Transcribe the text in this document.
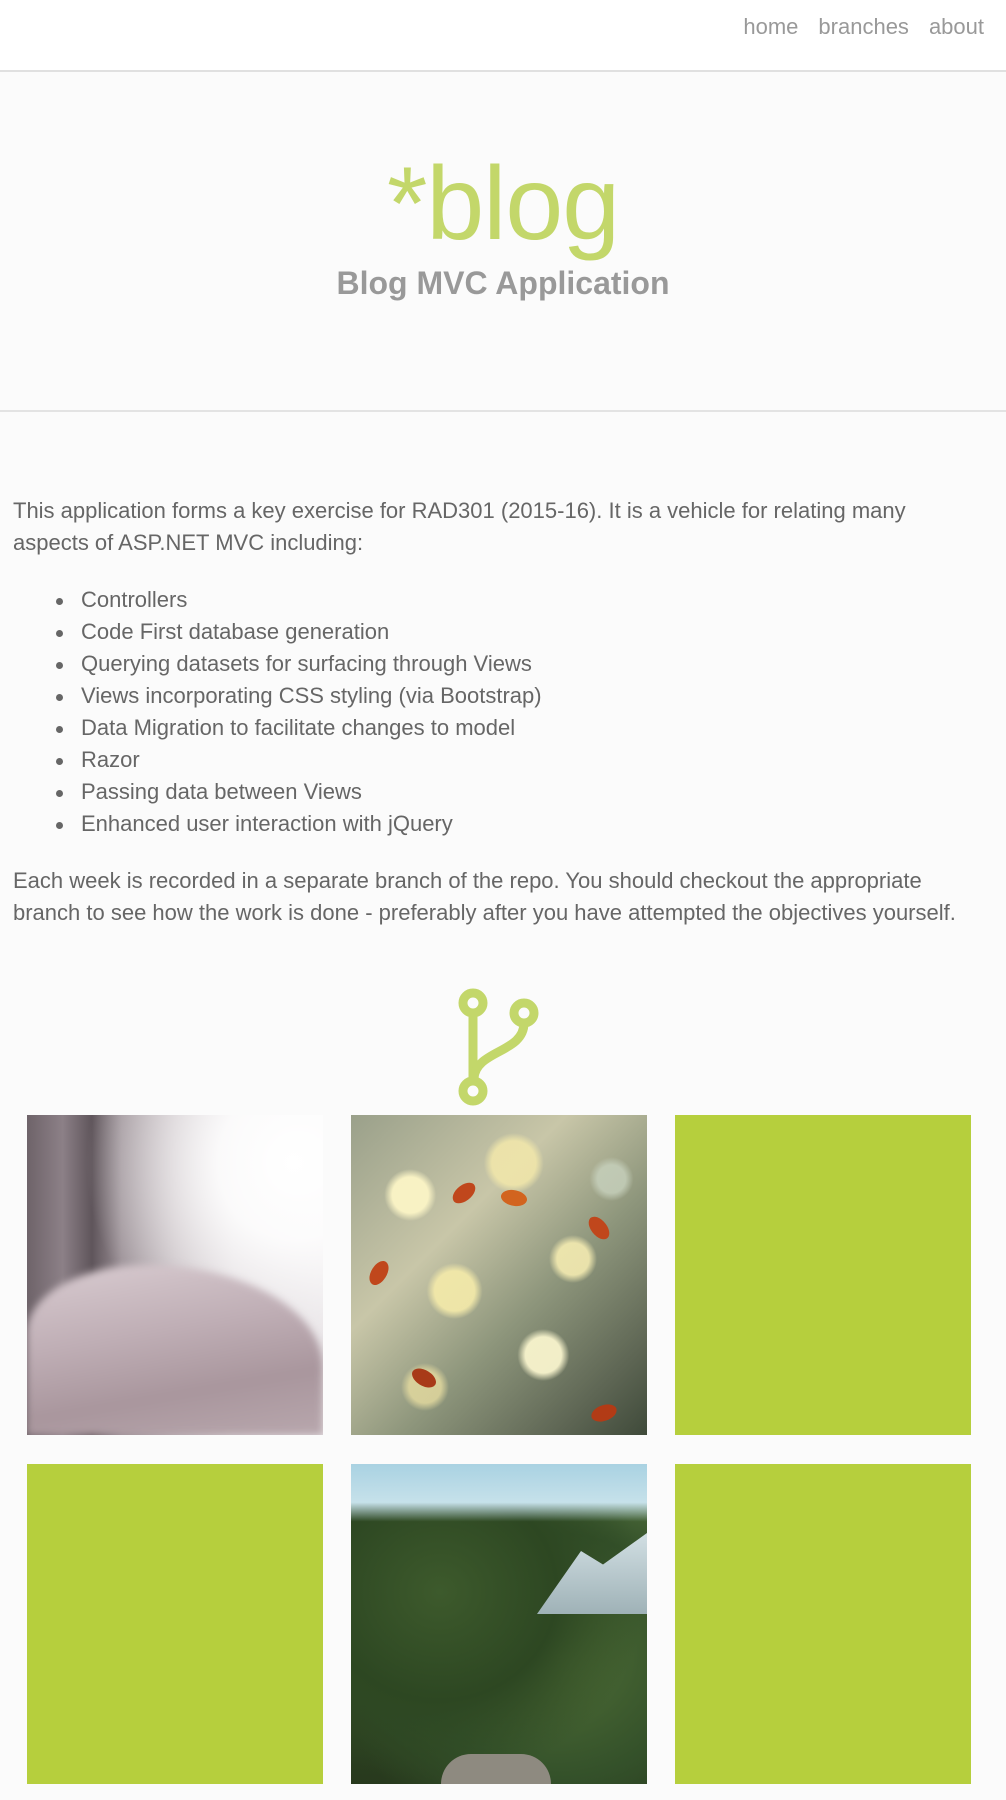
home branches about
*blog
Blog MVC Application

This application forms a key exercise for RAD301 (2015-16). It is a vehicle for relating many aspects of ASP.NET MVC including:

Controllers
Code First database generation
Querying datasets for surfacing through Views
Views incorporating CSS styling (via Bootstrap)
Data Migration to facilitate changes to model
Razor
Passing data between Views
Enhanced user interaction with jQuery

Each week is recorded in a separate branch of the repo. You should checkout the appropriate branch to see how the work is done - preferably after you have attempted the objectives yourself.
